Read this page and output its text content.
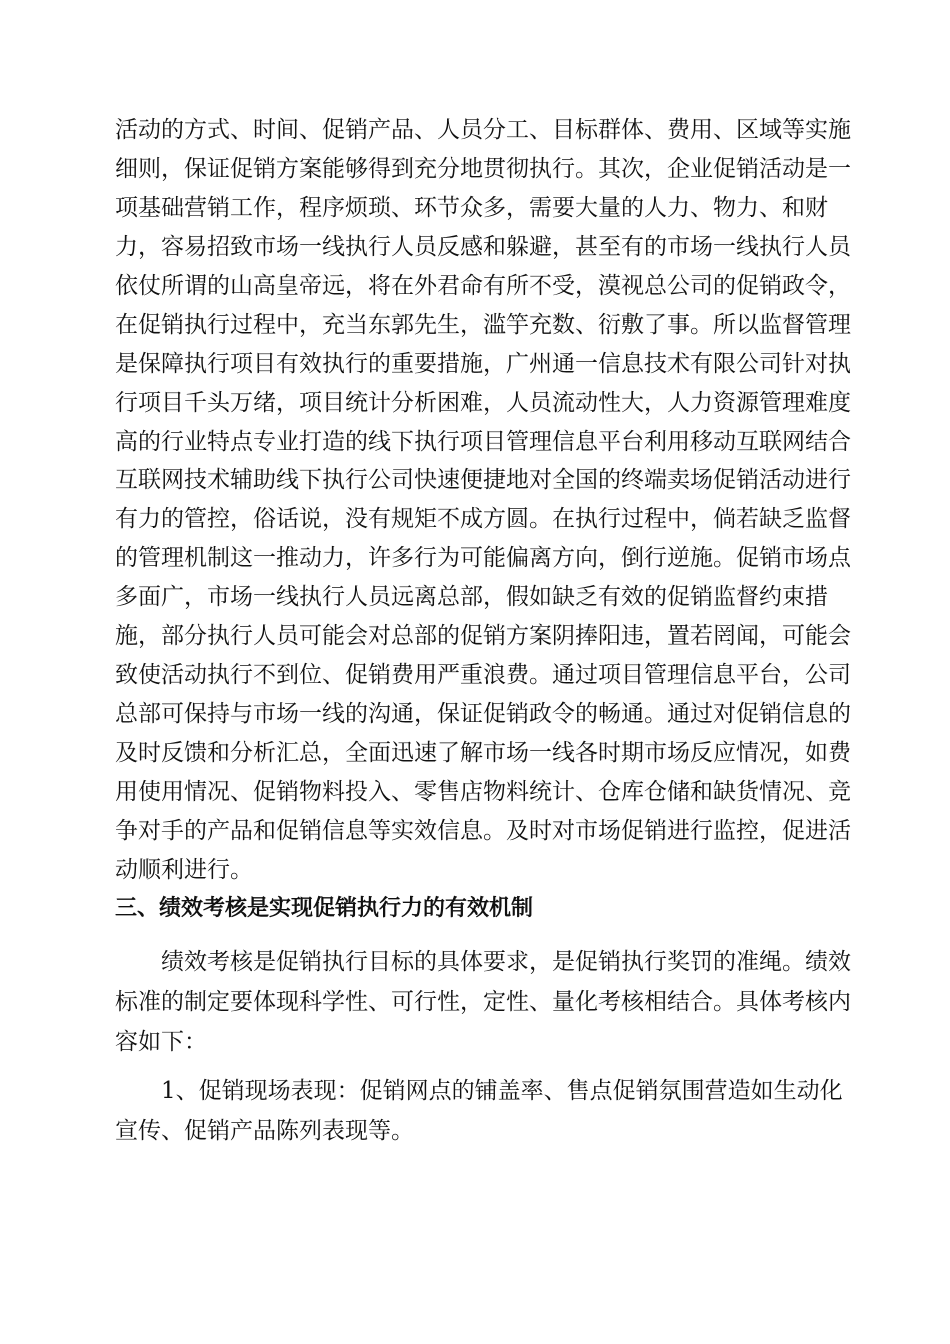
活动的方式、时间、促销产品、人员分工、目标群体、费用、区域等实施

细则，保证促销方案能够得到充分地贯彻执行。其次，企业促销活动是一

项基础营销工作，程序烦琐、环节众多，需要大量的人力、物力、和财

力，容易招致市场一线执行人员反感和躲避，甚至有的市场一线执行人员

依仗所谓的山高皇帝远，将在外君命有所不受，漠视总公司的促销政令，

在促销执行过程中，充当东郭先生，滥竽充数、衍敷了事。所以监督管理

是保障执行项目有效执行的重要措施，广州通一信息技术有限公司针对执

行项目千头万绪，项目统计分析困难，人员流动性大，人力资源管理难度

高的行业特点专业打造的线下执行项目管理信息平台利用移动互联网结合

互联网技术辅助线下执行公司快速便捷地对全国的终端卖场促销活动进行

有力的管控，俗话说，没有规矩不成方圆。在执行过程中，倘若缺乏监督

的管理机制这一推动力，许多行为可能偏离方向，倒行逆施。促销市场点

多面广，市场一线执行人员远离总部，假如缺乏有效的促销监督约束措

施，部分执行人员可能会对总部的促销方案阴捧阳违，置若罔闻，可能会

致使活动执行不到位、促销费用严重浪费。通过项目管理信息平台，公司

总部可保持与市场一线的沟通，保证促销政令的畅通。通过对促销信息的

及时反馈和分析汇总，全面迅速了解市场一线各时期市场反应情况，如费

用使用情况、促销物料投入、零售店物料统计、仓库仓储和缺货情况、竞

争对手的产品和促销信息等实效信息。及时对市场促销进行监控，促进活

动顺利进行。

三、绩效考核是实现促销执行力的有效机制

绩效考核是促销执行目标的具体要求，是促销执行奖罚的准绳。绩效

标准的制定要体现科学性、可行性，定性、量化考核相结合。具体考核内

容如下：

1、促销现场表现：促销网点的铺盖率、售点促销氛围营造如生动化

宣传、促销产品陈列表现等。
